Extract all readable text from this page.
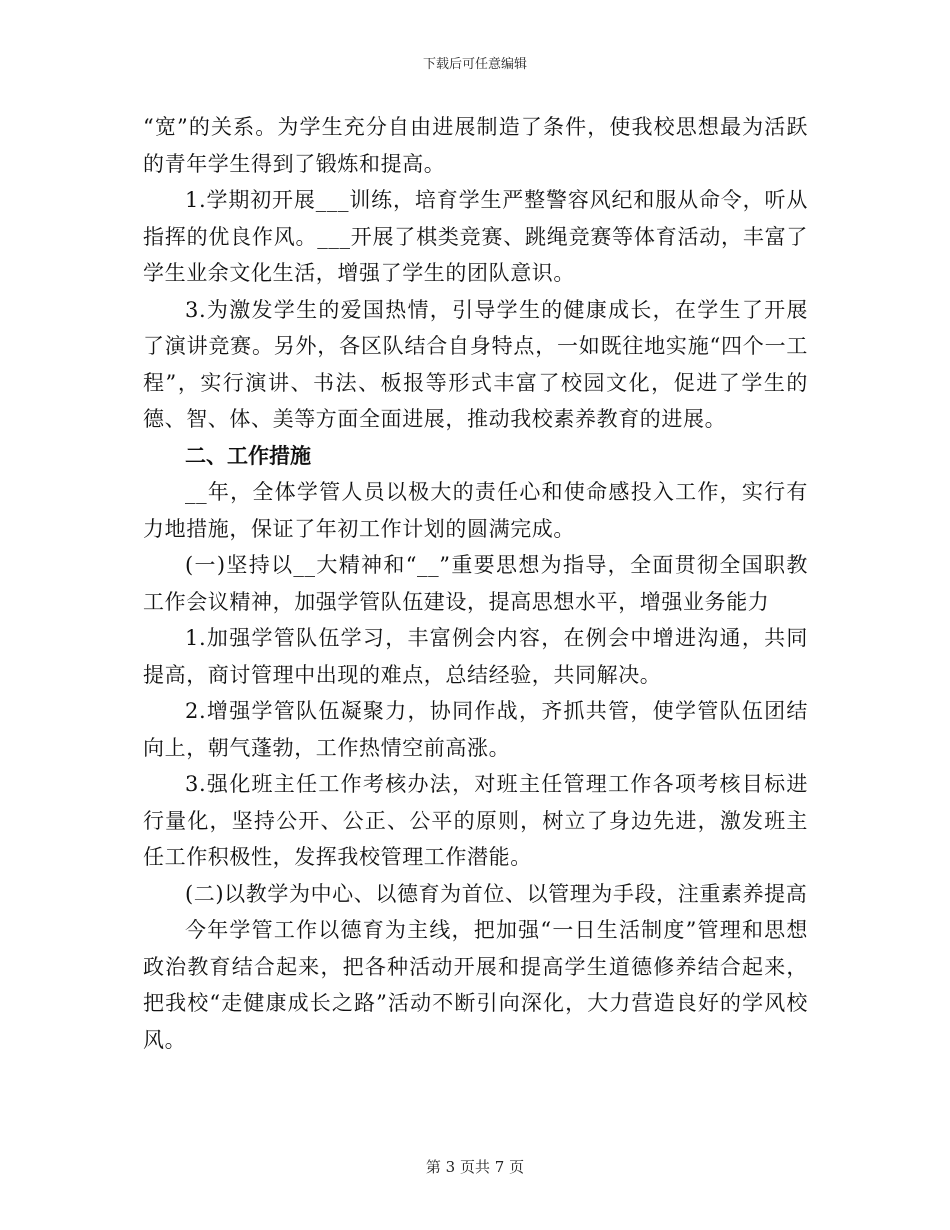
下载后可任意编辑

“宽”的关系。为学生充分自由进展制造了条件，使我校思想最为活跃的青年学生得到了锻炼和提高。

1.学期初开展___训练，培育学生严整警容风纪和服从命令，听从指挥的优良作风。___开展了棋类竞赛、跳绳竞赛等体育活动，丰富了学生业余文化生活，增强了学生的团队意识。

3.为激发学生的爱国热情，引导学生的健康成长，在学生了开展了演讲竞赛。另外，各区队结合自身特点，一如既往地实施“四个一工程”，实行演讲、书法、板报等形式丰富了校园文化，促进了学生的德、智、体、美等方面全面进展，推动我校素养教育的进展。

二、工作措施

__年，全体学管人员以极大的责任心和使命感投入工作，实行有力地措施，保证了年初工作计划的圆满完成。

(一)坚持以__大精神和“__”重要思想为指导，全面贯彻全国职教工作会议精神，加强学管队伍建设，提高思想水平，增强业务能力

1.加强学管队伍学习，丰富例会内容，在例会中增进沟通，共同提高，商讨管理中出现的难点，总结经验，共同解决。

2.增强学管队伍凝聚力，协同作战，齐抓共管，使学管队伍团结向上，朝气蓬勃，工作热情空前高涨。

3.强化班主任工作考核办法，对班主任管理工作各项考核目标进行量化，坚持公开、公正、公平的原则，树立了身边先进，激发班主任工作积极性，发挥我校管理工作潜能。

(二)以教学为中心、以德育为首位、以管理为手段，注重素养提高

今年学管工作以德育为主线，把加强“一日生活制度”管理和思想政治教育结合起来，把各种活动开展和提高学生道德修养结合起来，把我校“走健康成长之路”活动不断引向深化，大力营造良好的学风校风。

第 3 页共 7 页
